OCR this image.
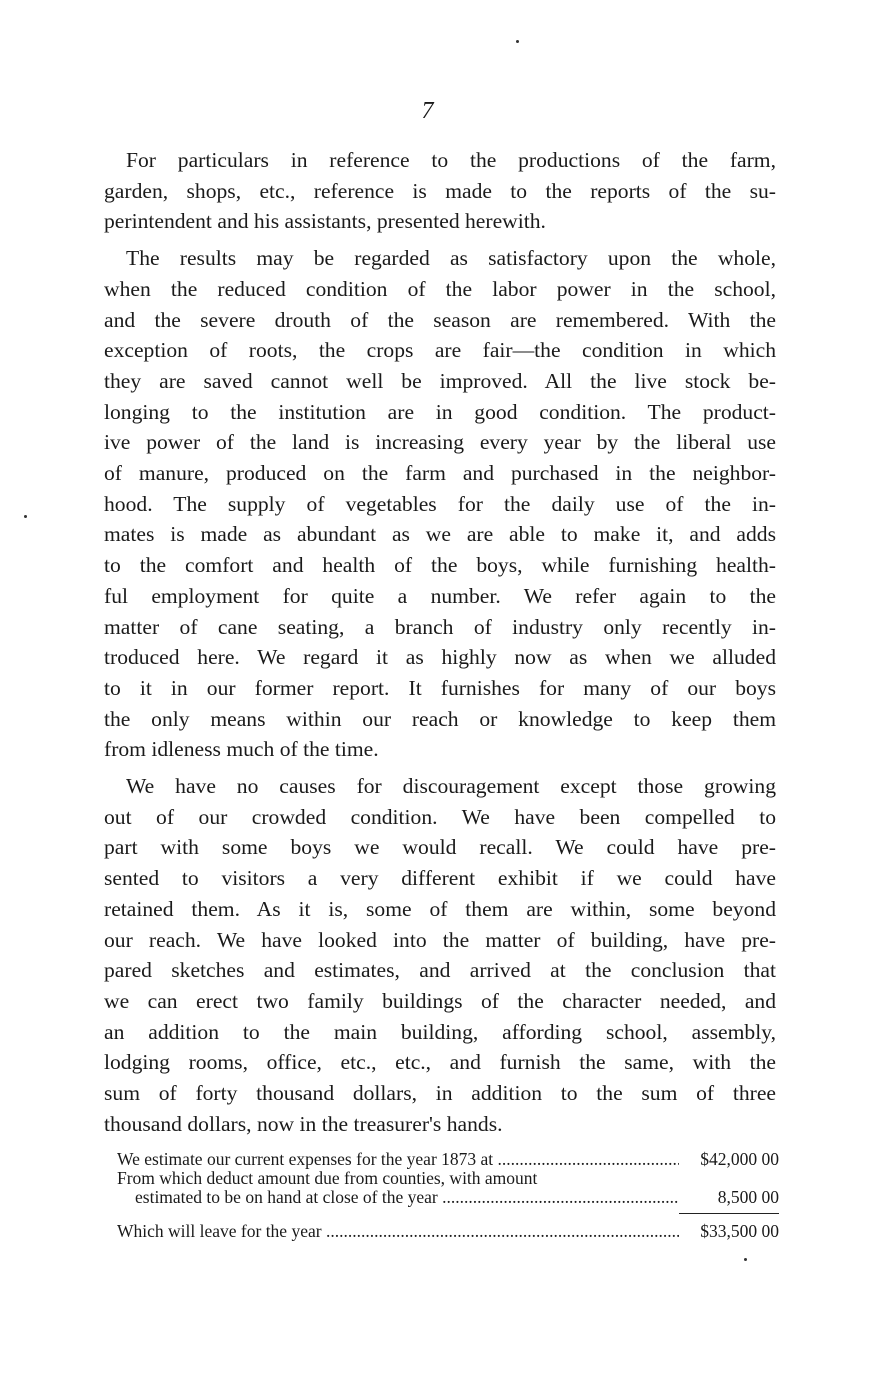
7

For particulars in reference to the productions of the farm,
garden, shops, etc., reference is made to the reports of the su-
perintendent and his assistants, presented herewith.

The results may be regarded as satisfactory upon the whole,
when the reduced condition of the labor power in the school,
and the severe drouth of the season are remembered. With the
exception of roots, the crops are fair—the condition in which
they are saved cannot well be improved. All the live stock be-
longing to the institution are in good condition. The product-
ive power of the land is increasing every year by the liberal use
of manure, produced on the farm and purchased in the neighbor-
hood. The supply of vegetables for the daily use of the in-
mates is made as abundant as we are able to make it, and adds
to the comfort and health of the boys, while furnishing health-
ful employment for quite a number. We refer again to the
matter of cane seating, a branch of industry only recently in-
troduced here. We regard it as highly now as when we alluded
to it in our former report. It furnishes for many of our boys
the only means within our reach or knowledge to keep them
from idleness much of the time.

We have no causes for discouragement except those growing
out of our crowded condition. We have been compelled to
part with some boys we would recall. We could have pre-
sented to visitors a very different exhibit if we could have
retained them. As it is, some of them are within, some beyond
our reach. We have looked into the matter of building, have pre-
pared sketches and estimates, and arrived at the conclusion that
we can erect two family buildings of the character needed, and
an addition to the main building, affording school, assembly,
lodging rooms, office, etc., etc., and furnish the same, with the
sum of forty thousand dollars, in addition to the sum of three
thousand dollars, now in the treasurer's hands.

We estimate our current expenses for the year 1873 at .....	$42,000 00
From which deduct amount due from counties, with amount
estimated to be on hand at close of the year .....	8,500 00
Which will leave for the year .....	$33,500 00
